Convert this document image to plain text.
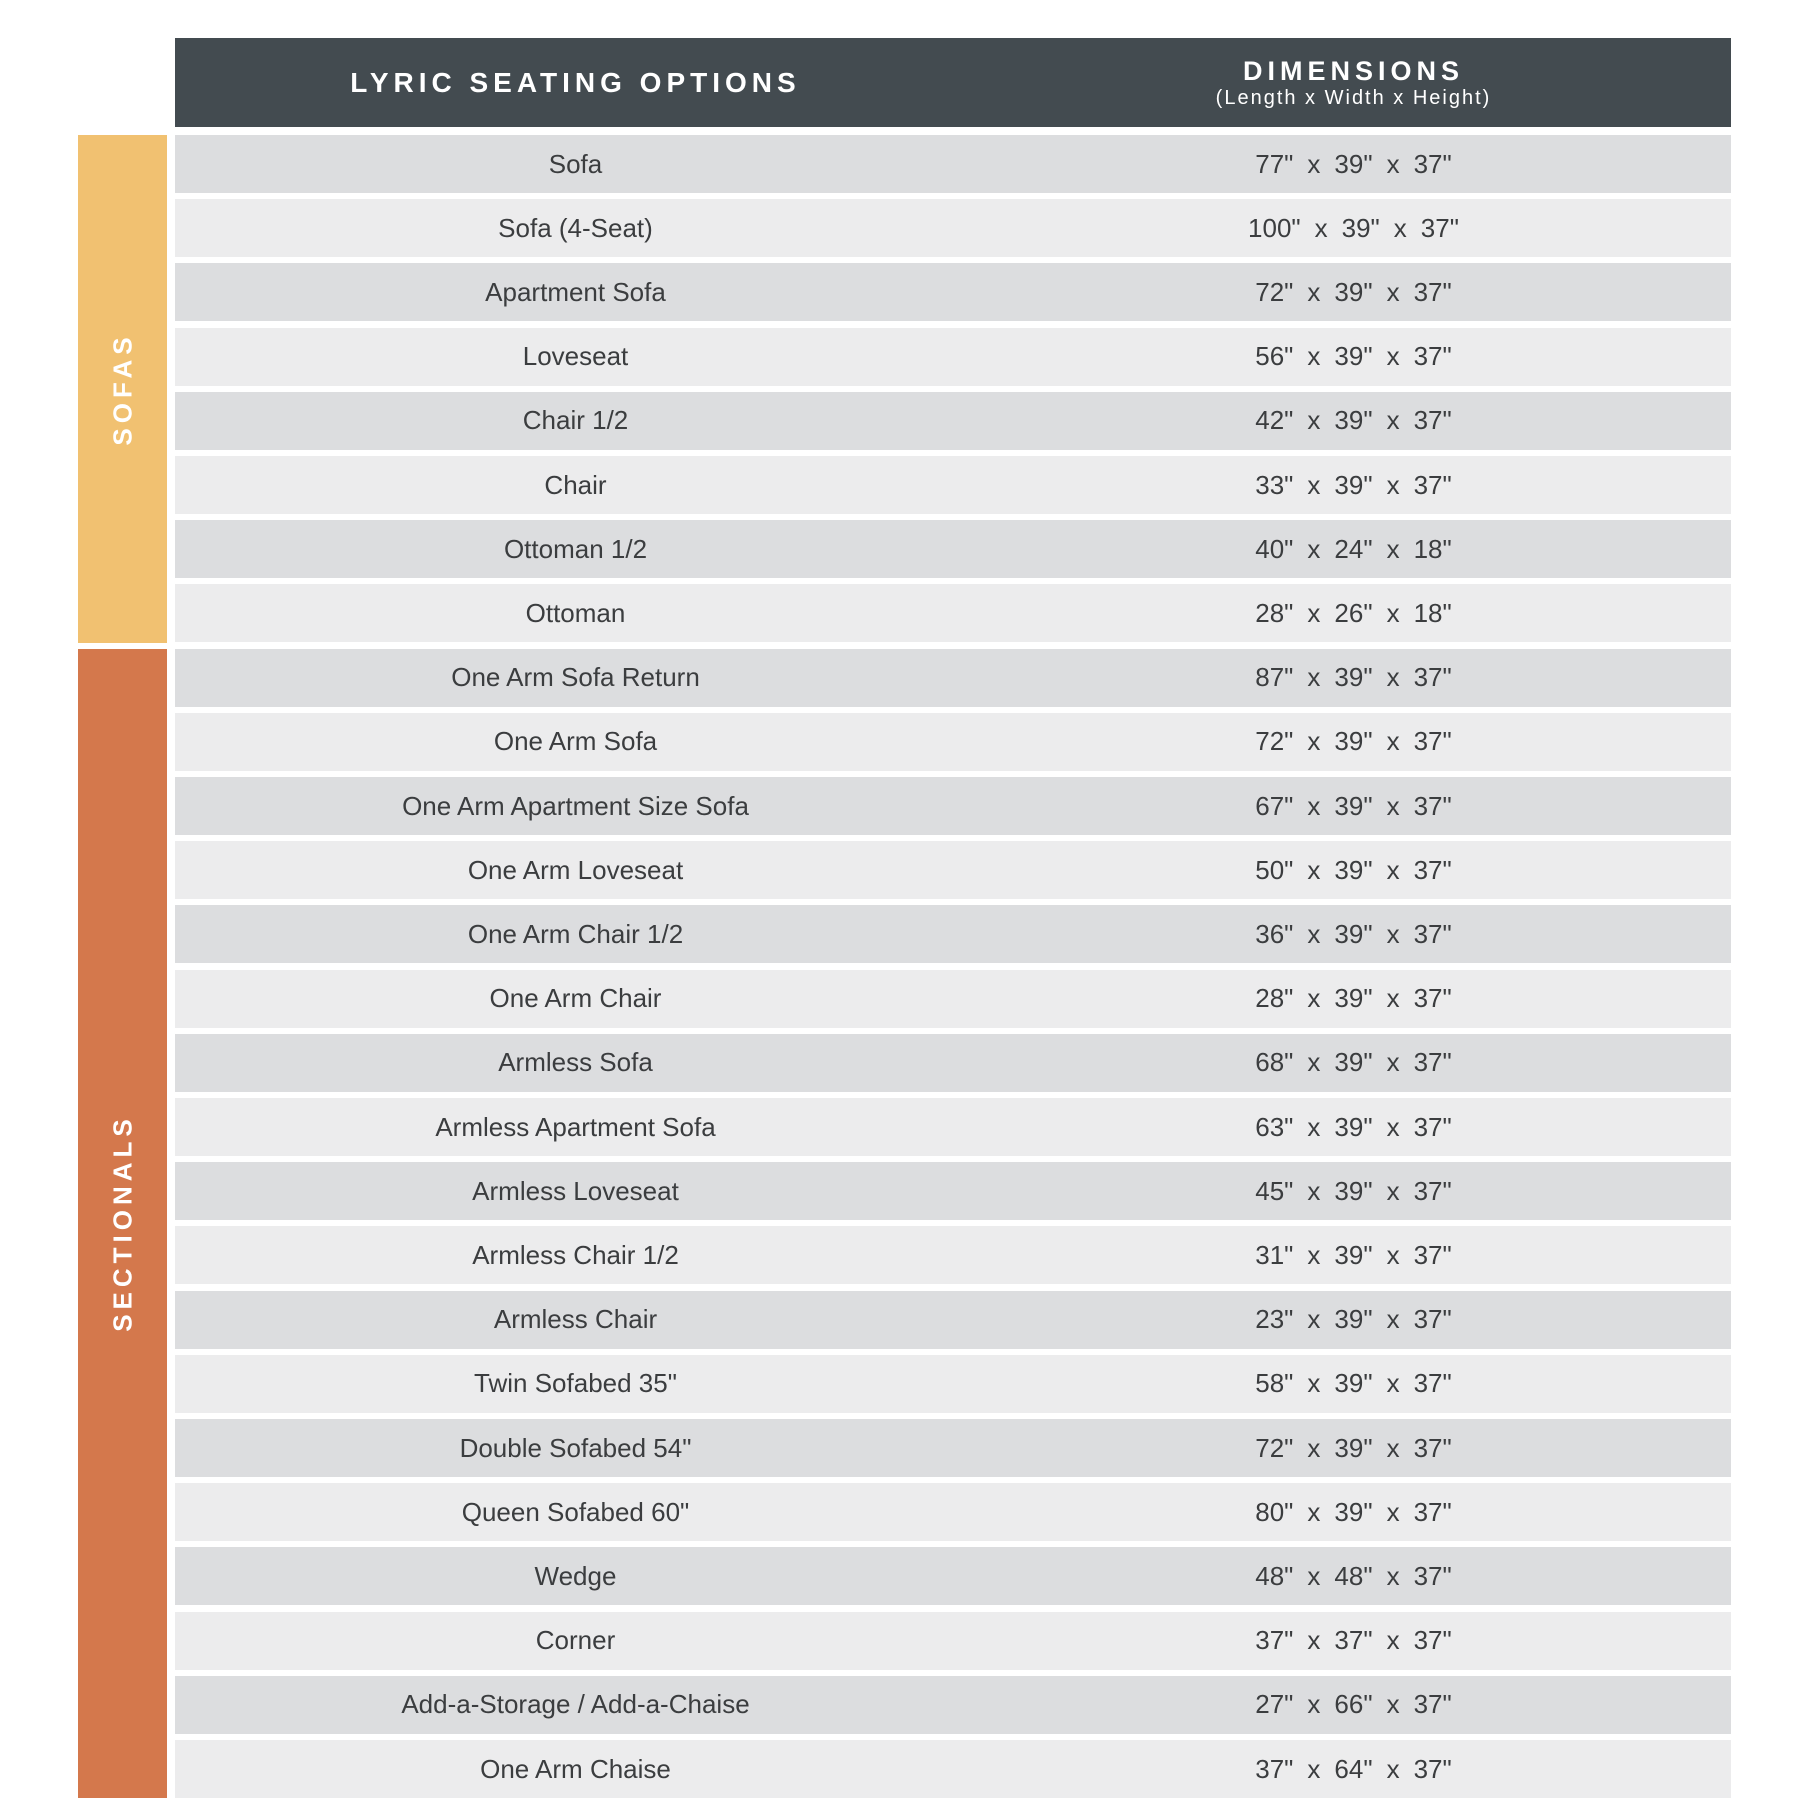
LYRIC SEATING OPTIONS	DIMENSIONS
(Length x Width x Height)
SOFAS
SECTIONALS
Sofa	77" x 39" x 37"
Sofa (4-Seat)	100" x 39" x 37"
Apartment Sofa	72" x 39" x 37"
Loveseat	56" x 39" x 37"
Chair 1/2	42" x 39" x 37"
Chair	33" x 39" x 37"
Ottoman 1/2	40" x 24" x 18"
Ottoman	28" x 26" x 18"
One Arm Sofa Return	87" x 39" x 37"
One Arm Sofa	72" x 39" x 37"
One Arm Apartment Size Sofa	67" x 39" x 37"
One Arm Loveseat	50" x 39" x 37"
One Arm Chair 1/2	36" x 39" x 37"
One Arm Chair	28" x 39" x 37"
Armless Sofa	68" x 39" x 37"
Armless Apartment Sofa	63" x 39" x 37"
Armless Loveseat	45" x 39" x 37"
Armless Chair 1/2	31" x 39" x 37"
Armless Chair	23" x 39" x 37"
Twin Sofabed 35"	58" x 39" x 37"
Double Sofabed 54"	72" x 39" x 37"
Queen Sofabed 60"	80" x 39" x 37"
Wedge	48" x 48" x 37"
Corner	37" x 37" x 37"
Add-a-Storage / Add-a-Chaise	27" x 66" x 37"
One Arm Chaise	37" x 64" x 37"
